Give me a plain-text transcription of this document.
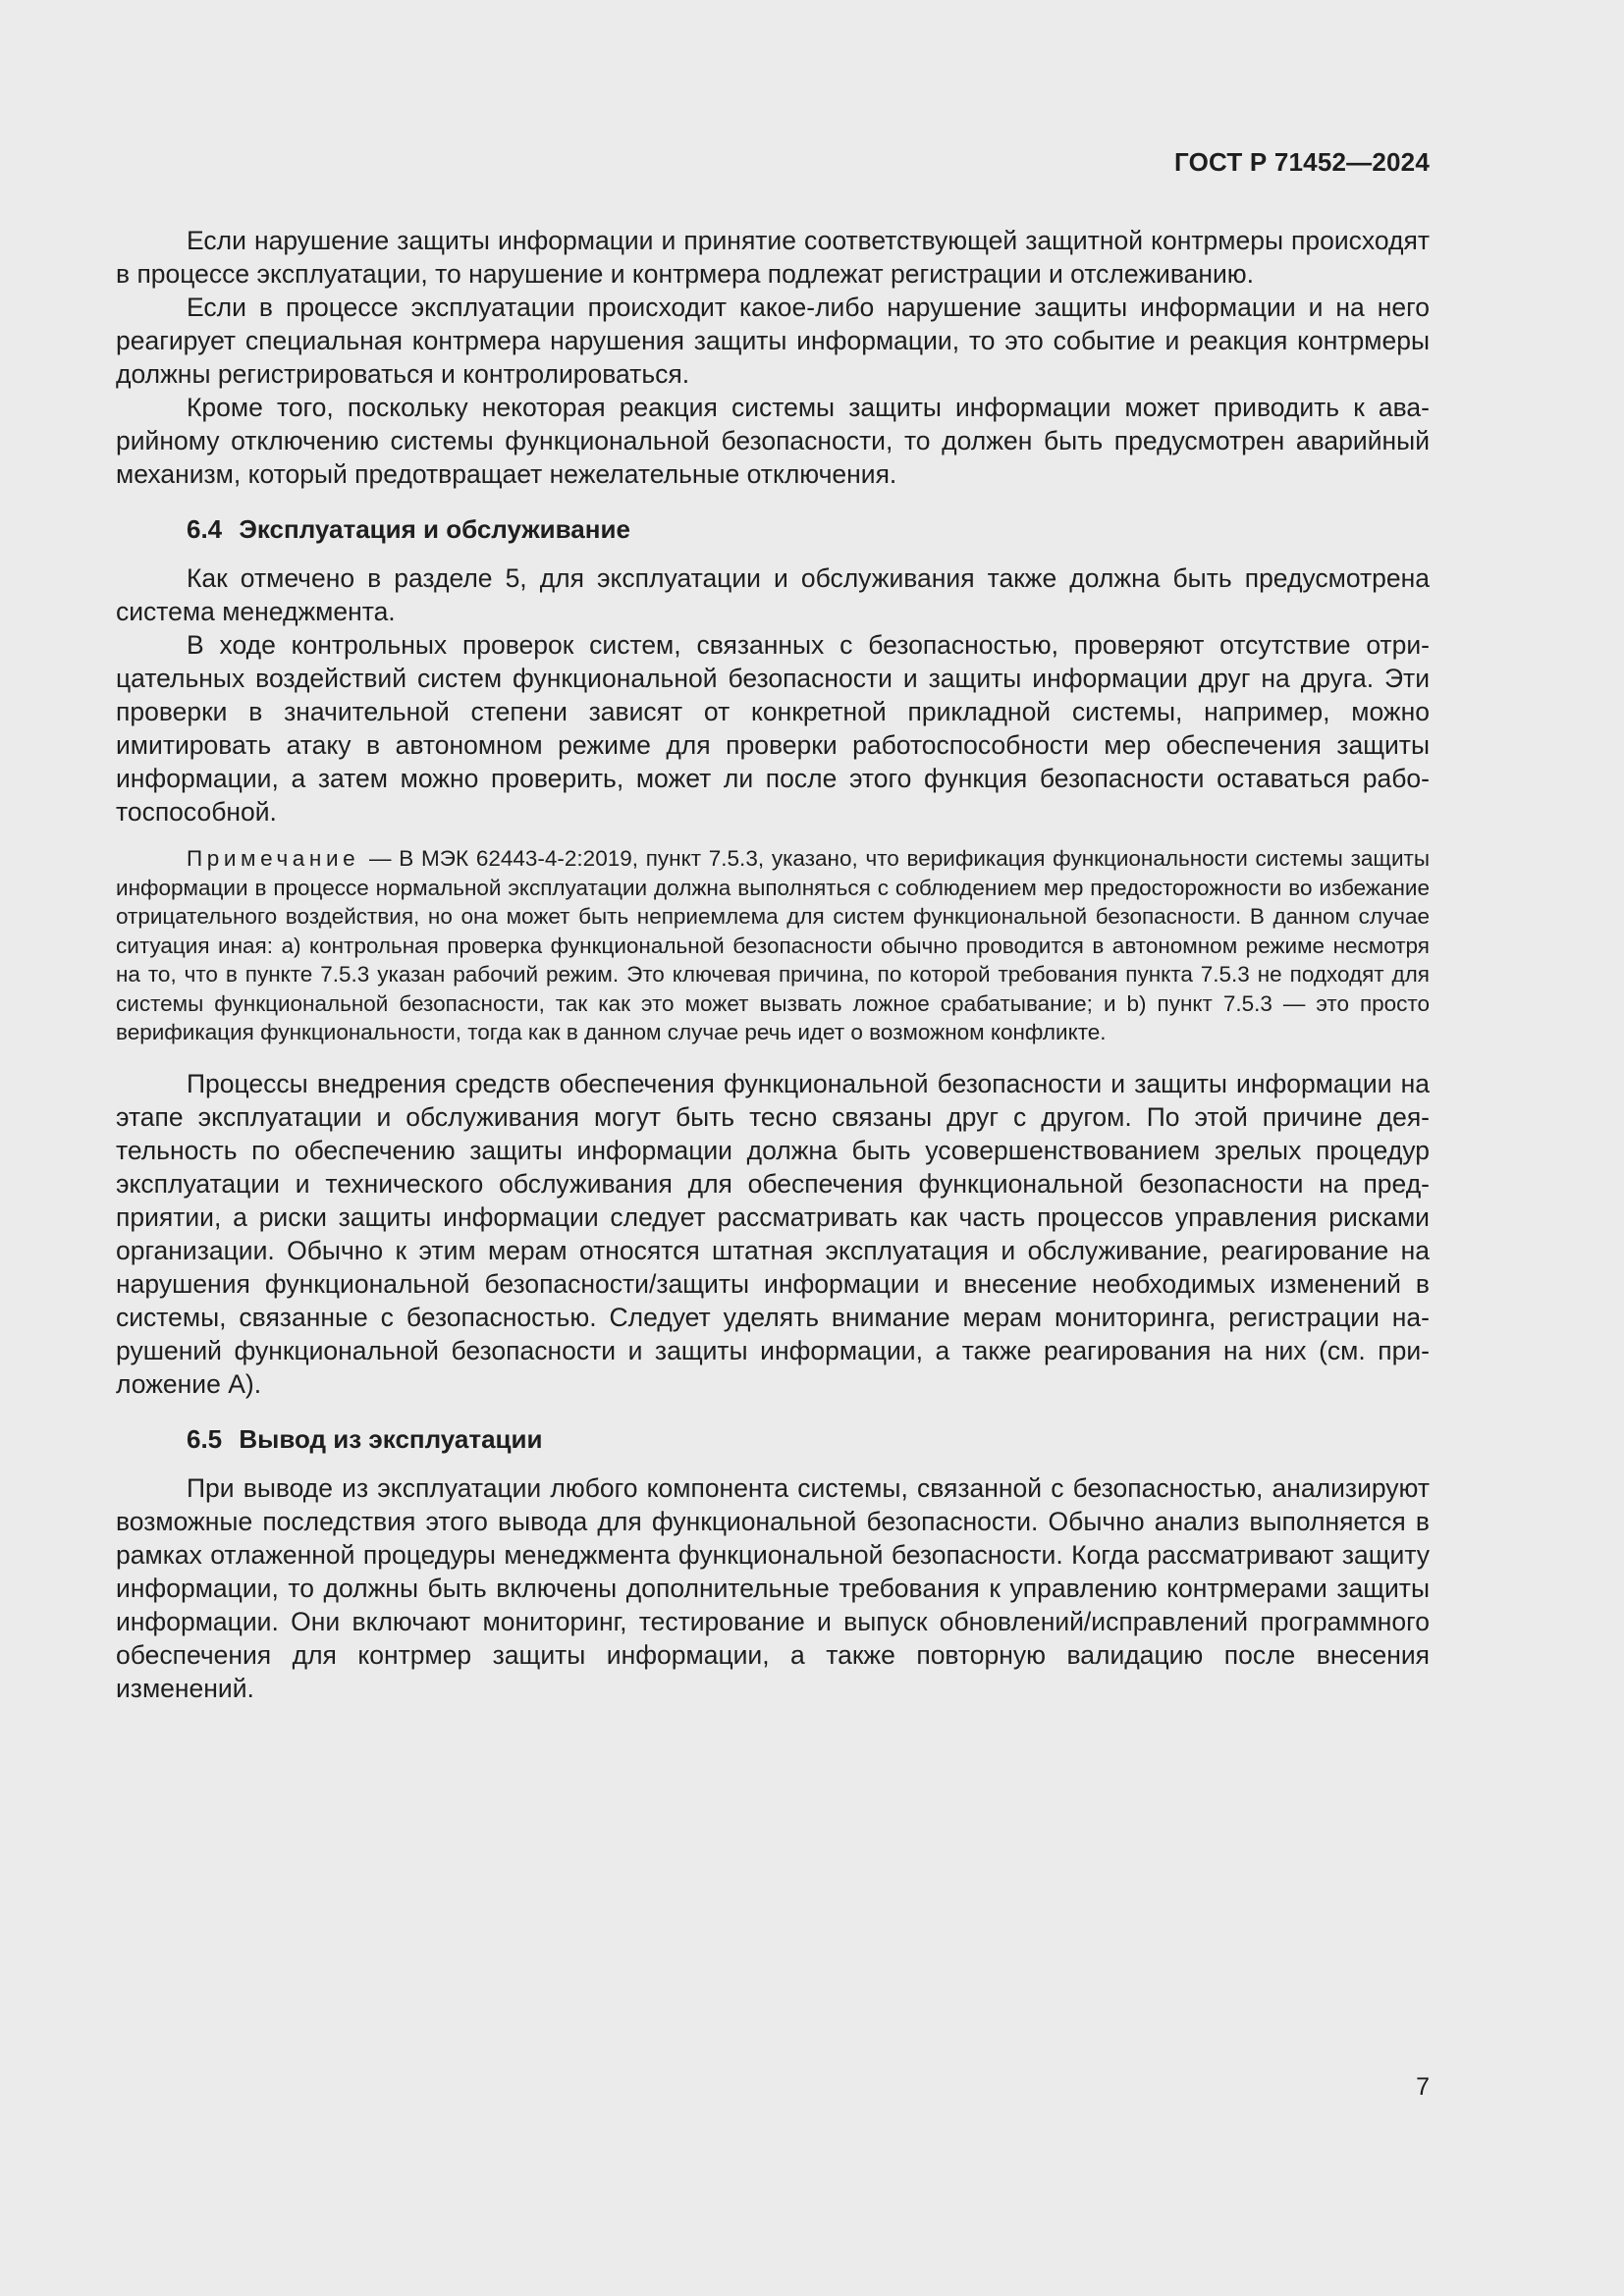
ГОСТ Р 71452—2024

Если нарушение защиты информации и принятие соответствующей защитной контрмеры происходят в процессе эксплуатации, то нарушение и контрмера подлежат регистрации и отслеживанию.

Если в процессе эксплуатации происходит какое-либо нарушение защиты информации и на него реагирует специальная контрмера нарушения защиты информации, то это событие и реакция контрмеры должны регистрироваться и контролироваться.

Кроме того, поскольку некоторая реакция системы защиты информации может приводить к аварийному отключению системы функциональной безопасности, то должен быть предусмотрен аварийный механизм, который предотвращает нежелательные отключения.

6.4 Эксплуатация и обслуживание

Как отмечено в разделе 5, для эксплуатации и обслуживания также должна быть предусмотрена система менеджмента.

В ходе контрольных проверок систем, связанных с безопасностью, проверяют отсутствие отрицательных воздействий систем функциональной безопасности и защиты информации друг на друга. Эти проверки в значительной степени зависят от конкретной прикладной системы, например, можно имитировать атаку в автономном режиме для проверки работоспособности мер обеспечения защиты информации, а затем можно проверить, может ли после этого функция безопасности оставаться работоспособной.

Примечание — В МЭК 62443-4-2:2019, пункт 7.5.3, указано, что верификация функциональности системы защиты информации в процессе нормальной эксплуатации должна выполняться с соблюдением мер предосторожности во избежание отрицательного воздействия, но она может быть неприемлема для систем функциональной безопасности. В данном случае ситуация иная: a) контрольная проверка функциональной безопасности обычно проводится в автономном режиме несмотря на то, что в пункте 7.5.3 указан рабочий режим. Это ключевая причина, по которой требования пункта 7.5.3 не подходят для системы функциональной безопасности, так как это может вызвать ложное срабатывание; и b) пункт 7.5.3 — это просто верификация функциональности, тогда как в данном случае речь идет о возможном конфликте.

Процессы внедрения средств обеспечения функциональной безопасности и защиты информации на этапе эксплуатации и обслуживания могут быть тесно связаны друг с другом. По этой причине деятельность по обеспечению защиты информации должна быть усовершенствованием зрелых процедур эксплуатации и технического обслуживания для обеспечения функциональной безопасности на предприятии, а риски защиты информации следует рассматривать как часть процессов управления рисками организации. Обычно к этим мерам относятся штатная эксплуатация и обслуживание, реагирование на нарушения функциональной безопасности/защиты информации и внесение необходимых изменений в системы, связанные с безопасностью. Следует уделять внимание мерам мониторинга, регистрации нарушений функциональной безопасности и защиты информации, а также реагирования на них (см. приложение А).

6.5 Вывод из эксплуатации

При выводе из эксплуатации любого компонента системы, связанной с безопасностью, анализируют возможные последствия этого вывода для функциональной безопасности. Обычно анализ выполняется в рамках отлаженной процедуры менеджмента функциональной безопасности. Когда рассматривают защиту информации, то должны быть включены дополнительные требования к управлению контрмерами защиты информации. Они включают мониторинг, тестирование и выпуск обновлений/исправлений программного обеспечения для контрмер защиты информации, а также повторную валидацию после внесения изменений.

7
